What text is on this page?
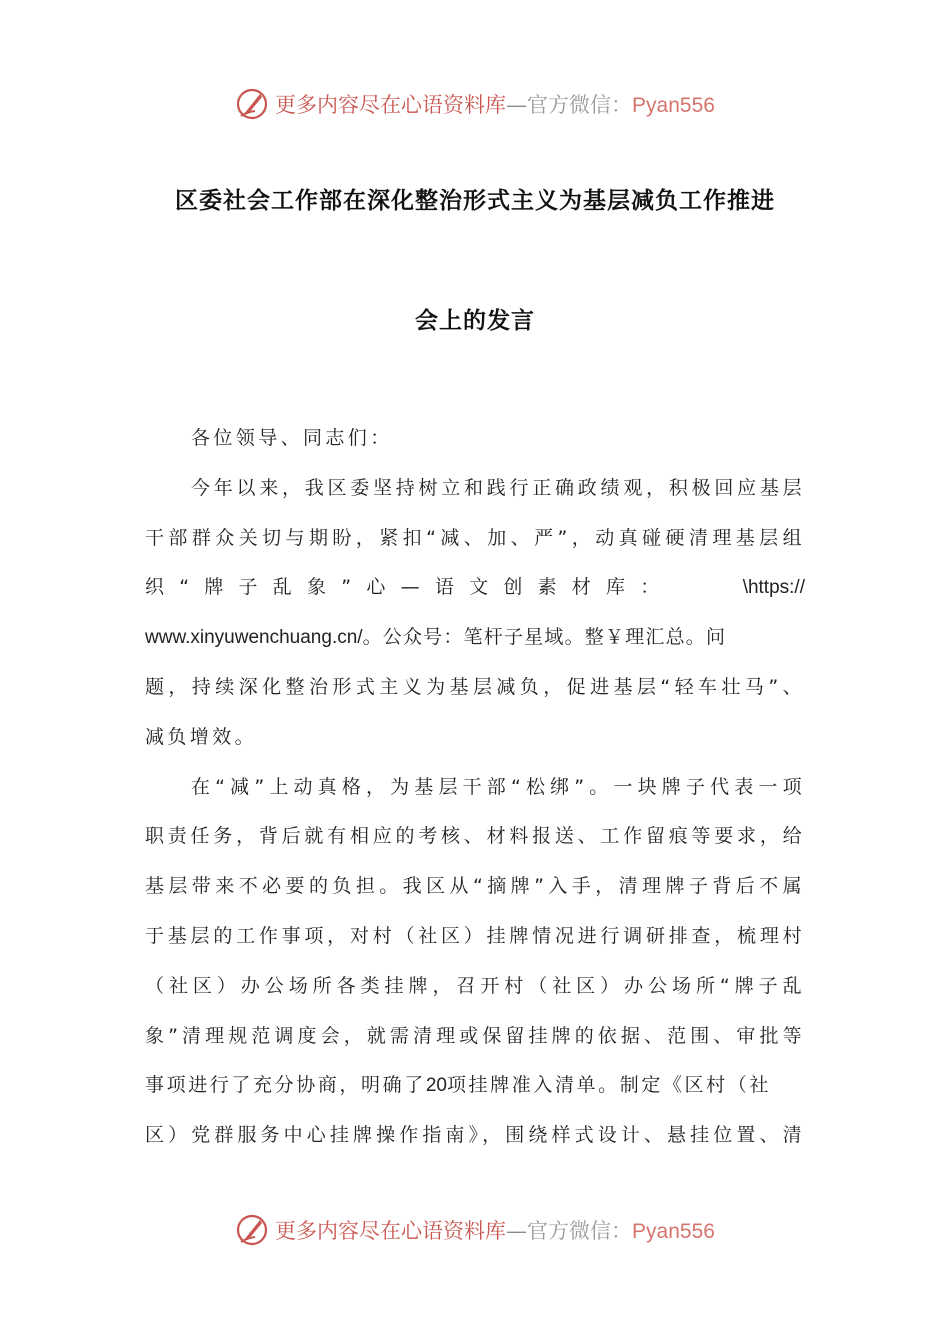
更多内容尽在心语资料库—官方微信：Pyan556
区委社会工作部在深化整治形式主义为基层减负工作推进
会上的发言
各位领导、同志们：
今年以来，我区委坚持树立和践行正确政绩观，积极回应基层
干部群众关切与期盼，紧扣“减、加、严”，动真碰硬清理基层组
织 “ 牌 子 乱 象 ” 心 — 语 文 创 素 材 库 ：	\https://
www.xinyuwenchuang.cn/。公众号：笔杆子星域。整￥理汇总。问
题，持续深化整治形式主义为基层减负，促进基层“轻车壮马”、
减负增效。
在“减”上动真格，为基层干部“松绑”。一块牌子代表一项
职责任务，背后就有相应的考核、材料报送、工作留痕等要求，给
基层带来不必要的负担。我区从“摘牌”入手，清理牌子背后不属
于基层的工作事项，对村（社区）挂牌情况进行调研排查，梳理村
（社区）办公场所各类挂牌，召开村（社区）办公场所“牌子乱
象”清理规范调度会，就需清理或保留挂牌的依据、范围、审批等
事项进行了充分协商，明确了20项挂牌准入清单。制定《区村（社
区）党群服务中心挂牌操作指南》，围绕样式设计、悬挂位置、清
更多内容尽在心语资料库—官方微信：Pyan556
